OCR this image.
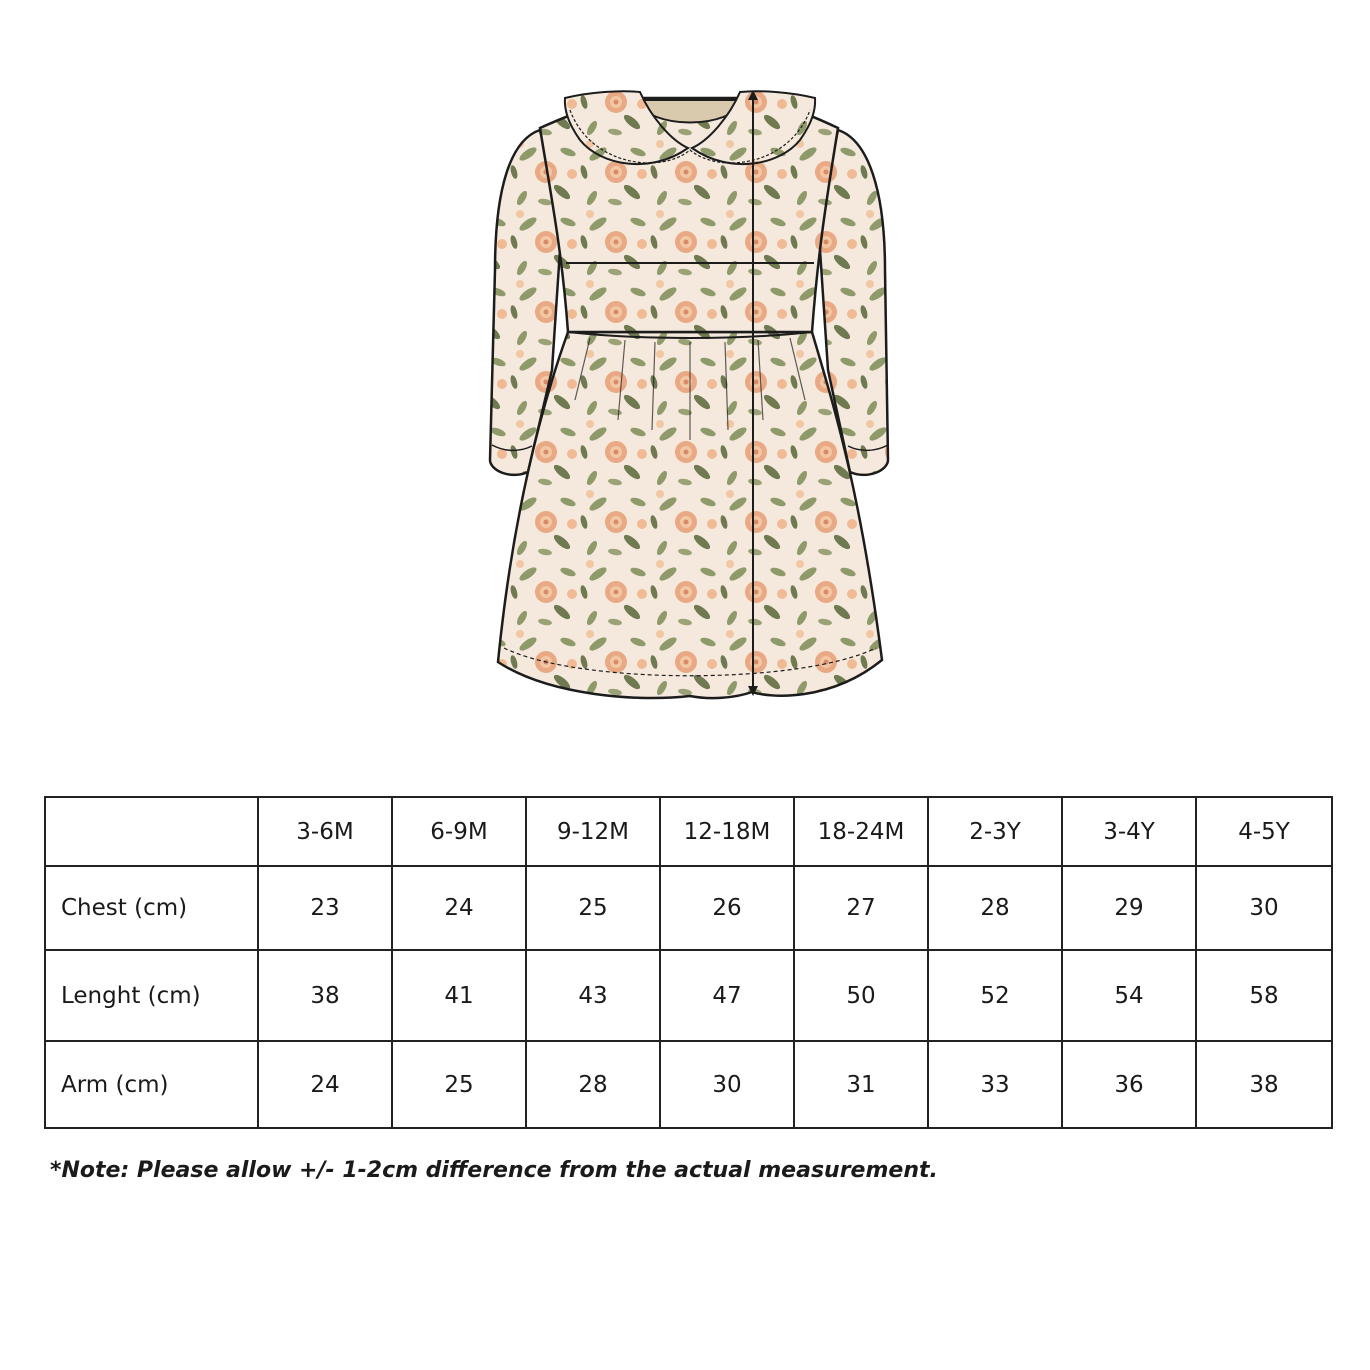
	3-6M	6-9M	9-12M	12-18M	18-24M	2-3Y	3-4Y	4-5Y
Chest (cm)	23	24	25	26	27	28	29	30
Lenght (cm)	38	41	43	47	50	52	54	58
Arm (cm)	24	25	28	30	31	33	36	38
*Note: Please allow +/- 1-2cm difference from the actual measurement.
